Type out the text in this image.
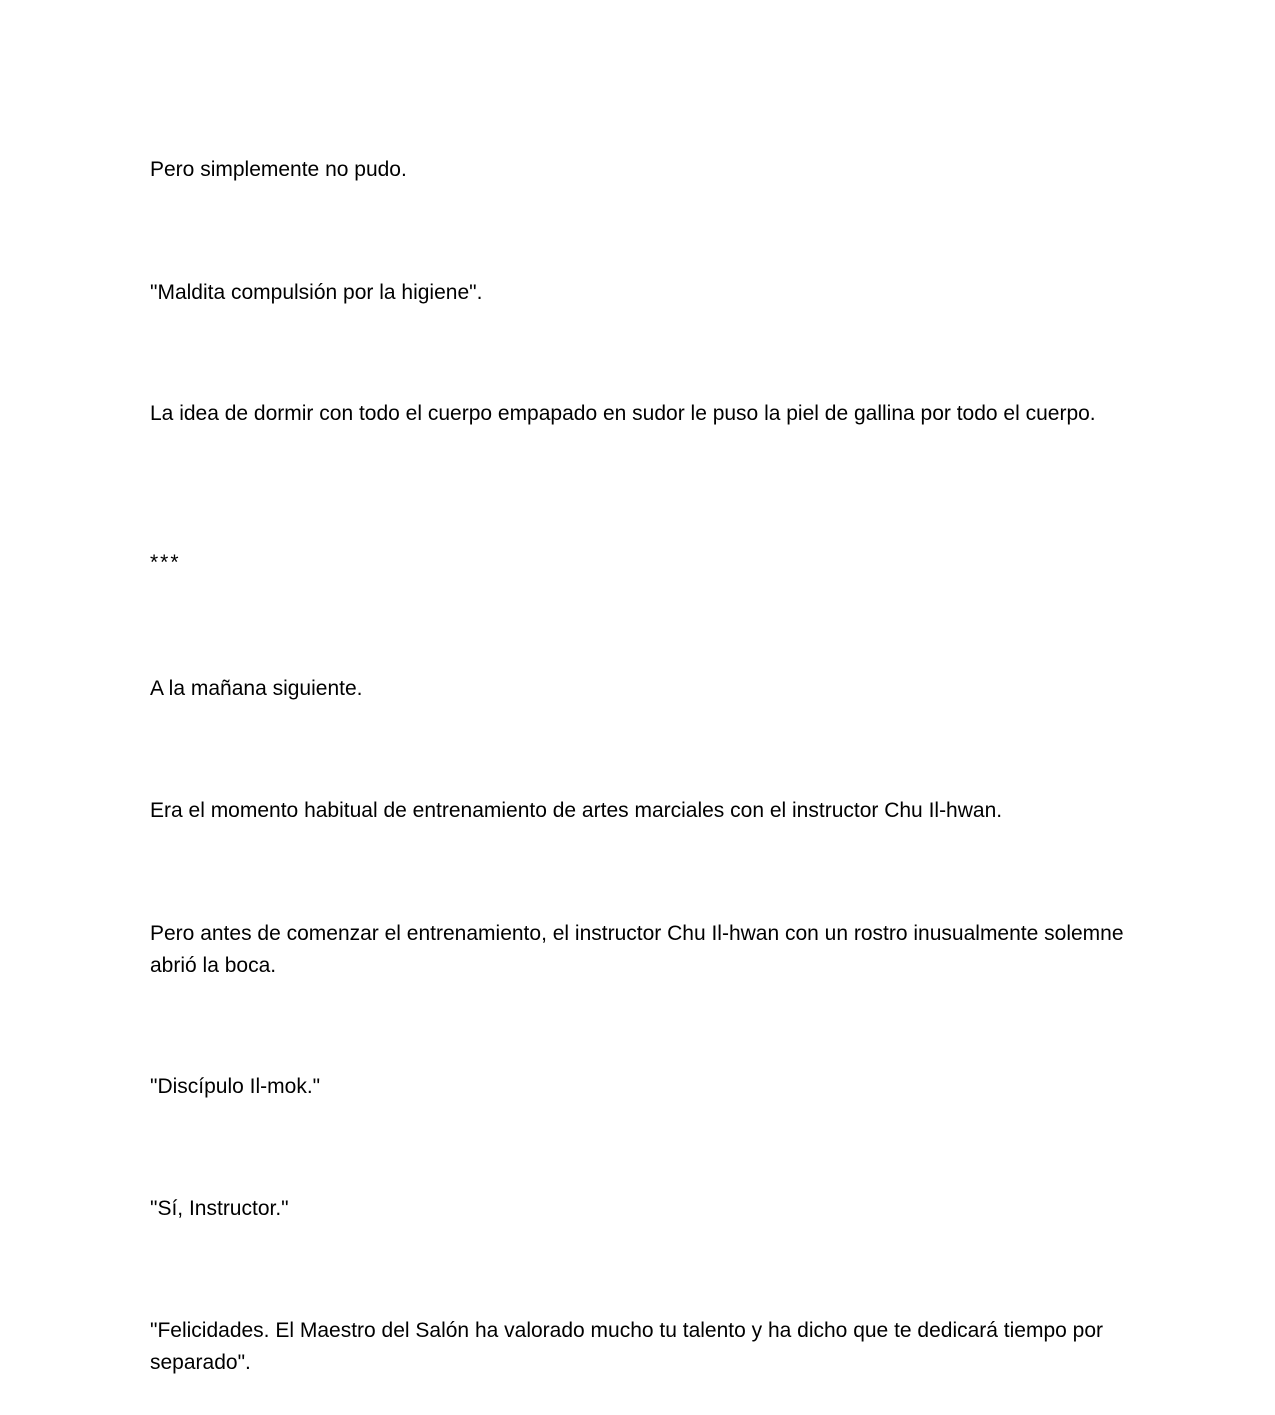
Pero simplemente no pudo.

"Maldita compulsión por la higiene".

La idea de dormir con todo el cuerpo empapado en sudor le puso la piel de gallina por todo el cuerpo.

***

A la mañana siguiente.

Era el momento habitual de entrenamiento de artes marciales con el instructor Chu Il-hwan.

Pero antes de comenzar el entrenamiento, el instructor Chu Il-hwan con un rostro inusualmente solemne abrió la boca.

"Discípulo Il-mok."

"Sí, Instructor."

"Felicidades. El Maestro del Salón ha valorado mucho tu talento y ha dicho que te dedicará tiempo por separado".
